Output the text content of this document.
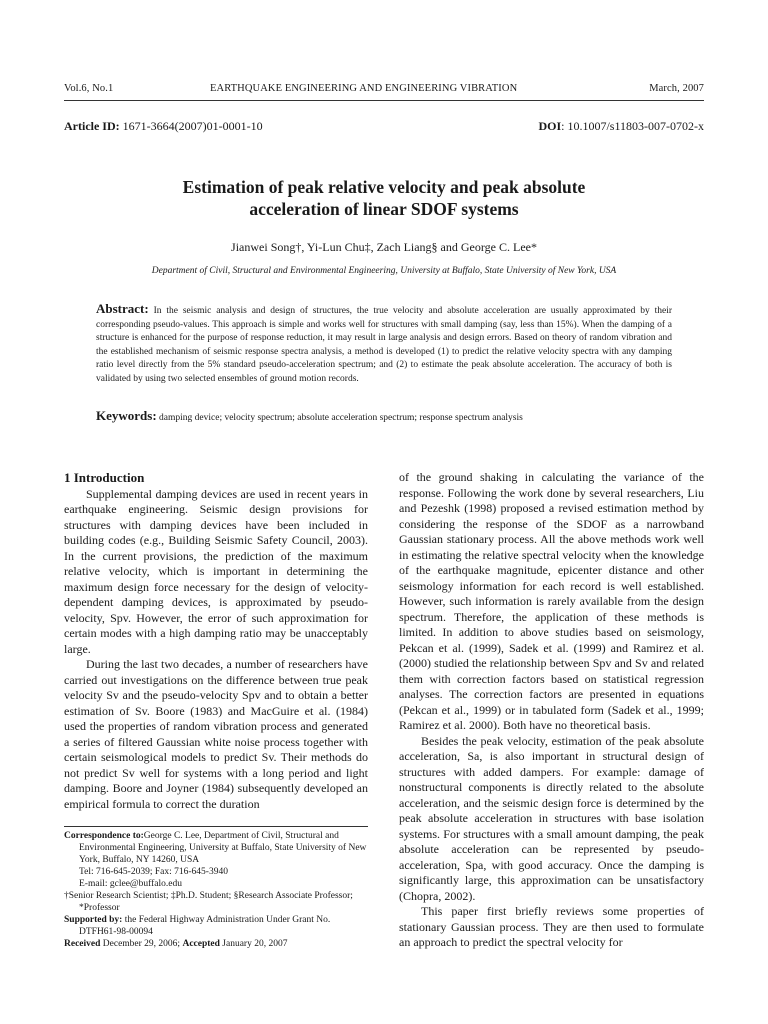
Vol.6, No.1	EARTHQUAKE ENGINEERING AND ENGINEERING VIBRATION	March, 2007
Article ID: 1671-3664(2007)01-0001-10	DOI: 10.1007/s11803-007-0702-x
Estimation of peak relative velocity and peak absolute
acceleration of linear SDOF systems
Jianwei Song†, Yi-Lun Chu‡, Zach Liang§ and George C. Lee*
Department of Civil, Structural and Environmental Engineering, University at Buffalo, State University of New York, USA
Abstract: In the seismic analysis and design of structures, the true velocity and absolute acceleration are usually approximated by their corresponding pseudo-values. This approach is simple and works well for structures with small damping (say, less than 15%). When the damping of a structure is enhanced for the purpose of response reduction, it may result in large analysis and design errors. Based on theory of random vibration and the established mechanism of seismic response spectra analysis, a method is developed (1) to predict the relative velocity spectra with any damping ratio level directly from the 5% standard pseudo-acceleration spectrum; and (2) to estimate the peak absolute acceleration. The accuracy of both is validated by using two selected ensembles of ground motion records.
Keywords: damping device; velocity spectrum; absolute acceleration spectrum; response spectrum analysis
1 Introduction

Supplemental damping devices are used in recent years in earthquake engineering. Seismic design provisions for structures with damping devices have been included in building codes (e.g., Building Seismic Safety Council, 2003). In the current provisions, the prediction of the maximum relative velocity, which is important in determining the maximum design force necessary for the design of velocity-dependent damping devices, is approximated by pseudo-velocity, Spv. However, the error of such approximation for certain modes with a high damping ratio may be unacceptably large.

During the last two decades, a number of researchers have carried out investigations on the difference between true peak velocity Sv and the pseudo-velocity Spv and to obtain a better estimation of Sv. Boore (1983) and MacGuire et al. (1984) used the properties of random vibration process and generated a series of filtered Gaussian white noise process together with certain seismological models to predict Sv. Their methods do not predict Sv well for systems with a long period and light damping. Boore and Joyner (1984) subsequently developed an empirical formula to correct the duration

Correspondence to:George C. Lee, Department of Civil, Structural and Environmental Engineering, University at Buffalo, State University of New York, Buffalo, NY 14260, USA
Tel: 716-645-2039; Fax: 716-645-3940
E-mail: gclee@buffalo.edu
†Senior Research Scientist; ‡Ph.D. Student; §Research Associate Professor; *Professor
Supported by: the Federal Highway Administration Under Grant No. DTFH61-98-00094
Received December 29, 2006; Accepted January 20, 2007

of the ground shaking in calculating the variance of the response. Following the work done by several researchers, Liu and Pezeshk (1998) proposed a revised estimation method by considering the response of the SDOF as a narrowband Gaussian stationary process. All the above methods work well in estimating the relative spectral velocity when the knowledge of the earthquake magnitude, epicenter distance and other seismology information for each record is well established. However, such information is rarely available from the design spectrum. Therefore, the application of these methods is limited. In addition to above studies based on seismology, Pekcan et al. (1999), Sadek et al. (1999) and Ramirez et al. (2000) studied the relationship between Spv and Sv and related them with correction factors based on statistical regression analyses. The correction factors are presented in equations (Pekcan et al., 1999) or in tabulated form (Sadek et al., 1999; Ramirez et al. 2000). Both have no theoretical basis.

Besides the peak velocity, estimation of the peak absolute acceleration, Sa, is also important in structural design of structures with added dampers. For example: damage of nonstructural components is directly related to the absolute acceleration, and the seismic design force is determined by the peak absolute acceleration in structures with base isolation systems. For structures with a small amount damping, the peak absolute acceleration can be represented by pseudo-acceleration, Spa, with good accuracy. Once the damping is significantly large, this approximation can be unsatisfactory (Chopra, 2002).

This paper first briefly reviews some properties of stationary Gaussian process. They are then used to formulate an approach to predict the spectral velocity for
